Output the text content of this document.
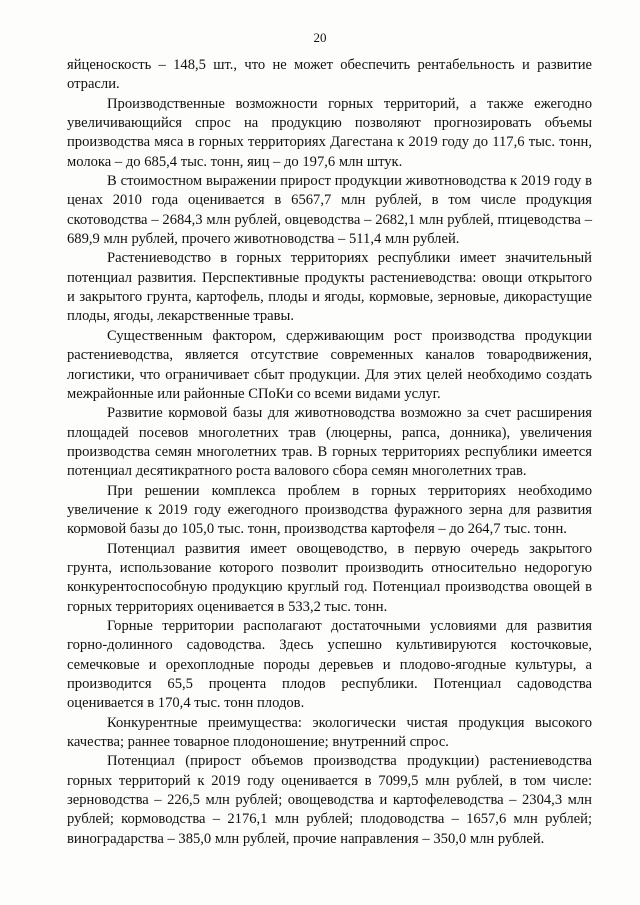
20

яйценоскость – 148,5 шт., что не может обеспечить рентабельность и развитие отрасли.

Производственные возможности горных территорий, а также ежегодно увеличивающийся спрос на продукцию позволяют прогнозировать объемы производства мяса в горных территориях Дагестана к 2019 году до 117,6 тыс. тонн, молока – до 685,4 тыс. тонн, яиц – до 197,6 млн штук.

В стоимостном выражении прирост продукции животноводства к 2019 году в ценах 2010 года оценивается в 6567,7 млн рублей, в том числе продукция скотоводства – 2684,3 млн рублей, овцеводства – 2682,1 млн рублей, птицеводства – 689,9 млн рублей, прочего животноводства – 511,4 млн рублей.

Растениеводство в горных территориях республики имеет значительный потенциал развития. Перспективные продукты растениеводства: овощи открытого и закрытого грунта, картофель, плоды и ягоды, кормовые, зерновые, дикорастущие плоды, ягоды, лекарственные травы.

Существенным фактором, сдерживающим рост производства продукции растениеводства, является отсутствие современных каналов товародвижения, логистики, что ограничивает сбыт продукции. Для этих целей необходимо создать межрайонные или районные СПоКи со всеми видами услуг.

Развитие кормовой базы для животноводства возможно за счет расширения площадей посевов многолетних трав (люцерны, рапса, донника), увеличения производства семян многолетних трав. В горных территориях республики имеется потенциал десятикратного роста валового сбора семян многолетних трав.

При решении комплекса проблем в горных территориях необходимо увеличение к 2019 году ежегодного производства фуражного зерна для развития кормовой базы до 105,0 тыс. тонн, производства картофеля – до 264,7 тыс. тонн.

Потенциал развития имеет овощеводство, в первую очередь закрытого грунта, использование которого позволит производить относительно недорогую конкурентоспособную продукцию круглый год. Потенциал производства овощей в горных территориях оценивается в 533,2 тыс. тонн.

Горные территории располагают достаточными условиями для развития горно-долинного садоводства. Здесь успешно культивируются косточковые, семечковые и орехоплодные породы деревьев и плодово-ягодные культуры, а производится 65,5 процента плодов республики. Потенциал садоводства оценивается в 170,4 тыс. тонн плодов.

Конкурентные преимущества: экологически чистая продукция высокого качества; раннее товарное плодоношение; внутренний спрос.

Потенциал (прирост объемов производства продукции) растениеводства горных территорий к 2019 году оценивается в 7099,5 млн рублей, в том числе: зерноводства – 226,5 млн рублей; овощеводства и картофелеводства – 2304,3 млн рублей; кормоводства – 2176,1 млн рублей; плодоводства – 1657,6 млн рублей; виноградарства – 385,0 млн рублей, прочие направления – 350,0 млн рублей.
